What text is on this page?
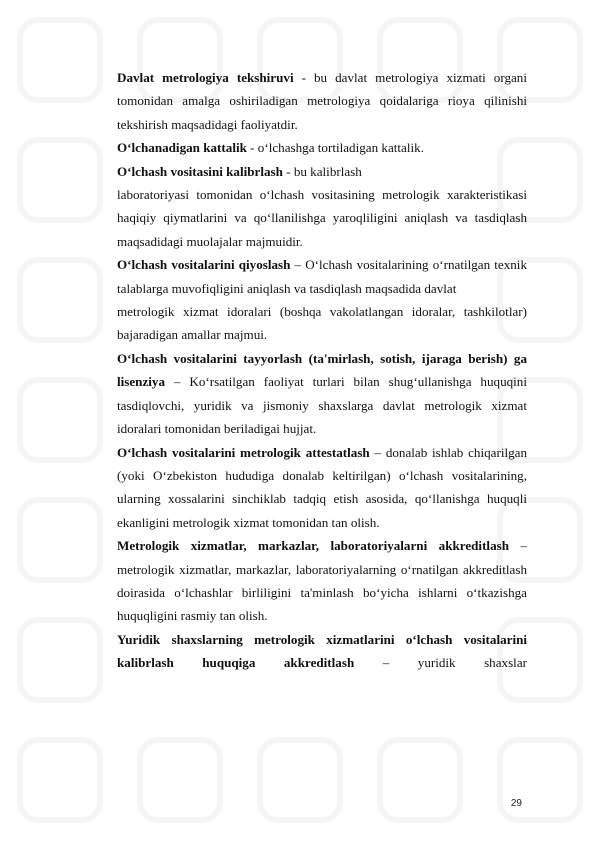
Davlat metrologiya tekshiruvi - bu davlat metrologiya xizmati organi tomonidan amalga oshiriladigan metrologiya qoidalariga rioya qilinishi tekshirish maqsadidagi faoliyatdir.

O‘lchanadigan kattalik - o‘lchashga tortiladigan kattalik.

O‘lchash vositasini kalibrlash - bu kalibrlash

laboratoriyasi tomonidan o‘lchash vositasining metrologik xarakteristikasi haqiqiy qiymatlarini va qo‘llanilishga yaroqliligini aniqlash va tasdiqlash maqsadidagi muolajalar majmuidir.

O‘lchash vositalarini qiyoslash – O‘lchash vositalarining o‘rnatilgan texnik talablarga muvofiqligini aniqlash va tasdiqlash maqsadida davlat

metrologik xizmat idoralari (boshqa vakolatlangan idoralar, tashkilotlar) bajaradigan amallar majmui.

O‘lchash vositalarini tayyorlash (ta'mirlash, sotish, ijaraga berish) ga lisenziya – Ko‘rsatilgan faoliyat turlari bilan shug‘ullanishga huquqini tasdiqlovchi, yuridik va jismoniy shaxslarga davlat metrologik xizmat idoralari tomonidan beriladigai hujjat.

O‘lchash vositalarini metrologik attestatlash – donalab ishlab chiqarilgan (yoki O‘zbekiston hududiga donalab keltirilgan) o‘lchash vositalarining, ularning xossalarini sinchiklab tadqiq etish asosida, qo‘llanishga huquqli ekanligini metrologik xizmat tomonidan tan olish.

Metrologik xizmatlar, markazlar, laboratoriyalarni akkreditlash – metrologik xizmatlar, markazlar, laboratoriyalarning o‘rnatilgan akkreditlash doirasida o‘lchashlar birliligini ta'minlash bo‘yicha ishlarni o‘tkazishga huquqligini rasmiy tan olish.

Yuridik shaxslarning metrologik xizmatlarini o‘lchash vositalarini kalibrlash huquqiga akkreditlash – yuridik shaxslar

29
